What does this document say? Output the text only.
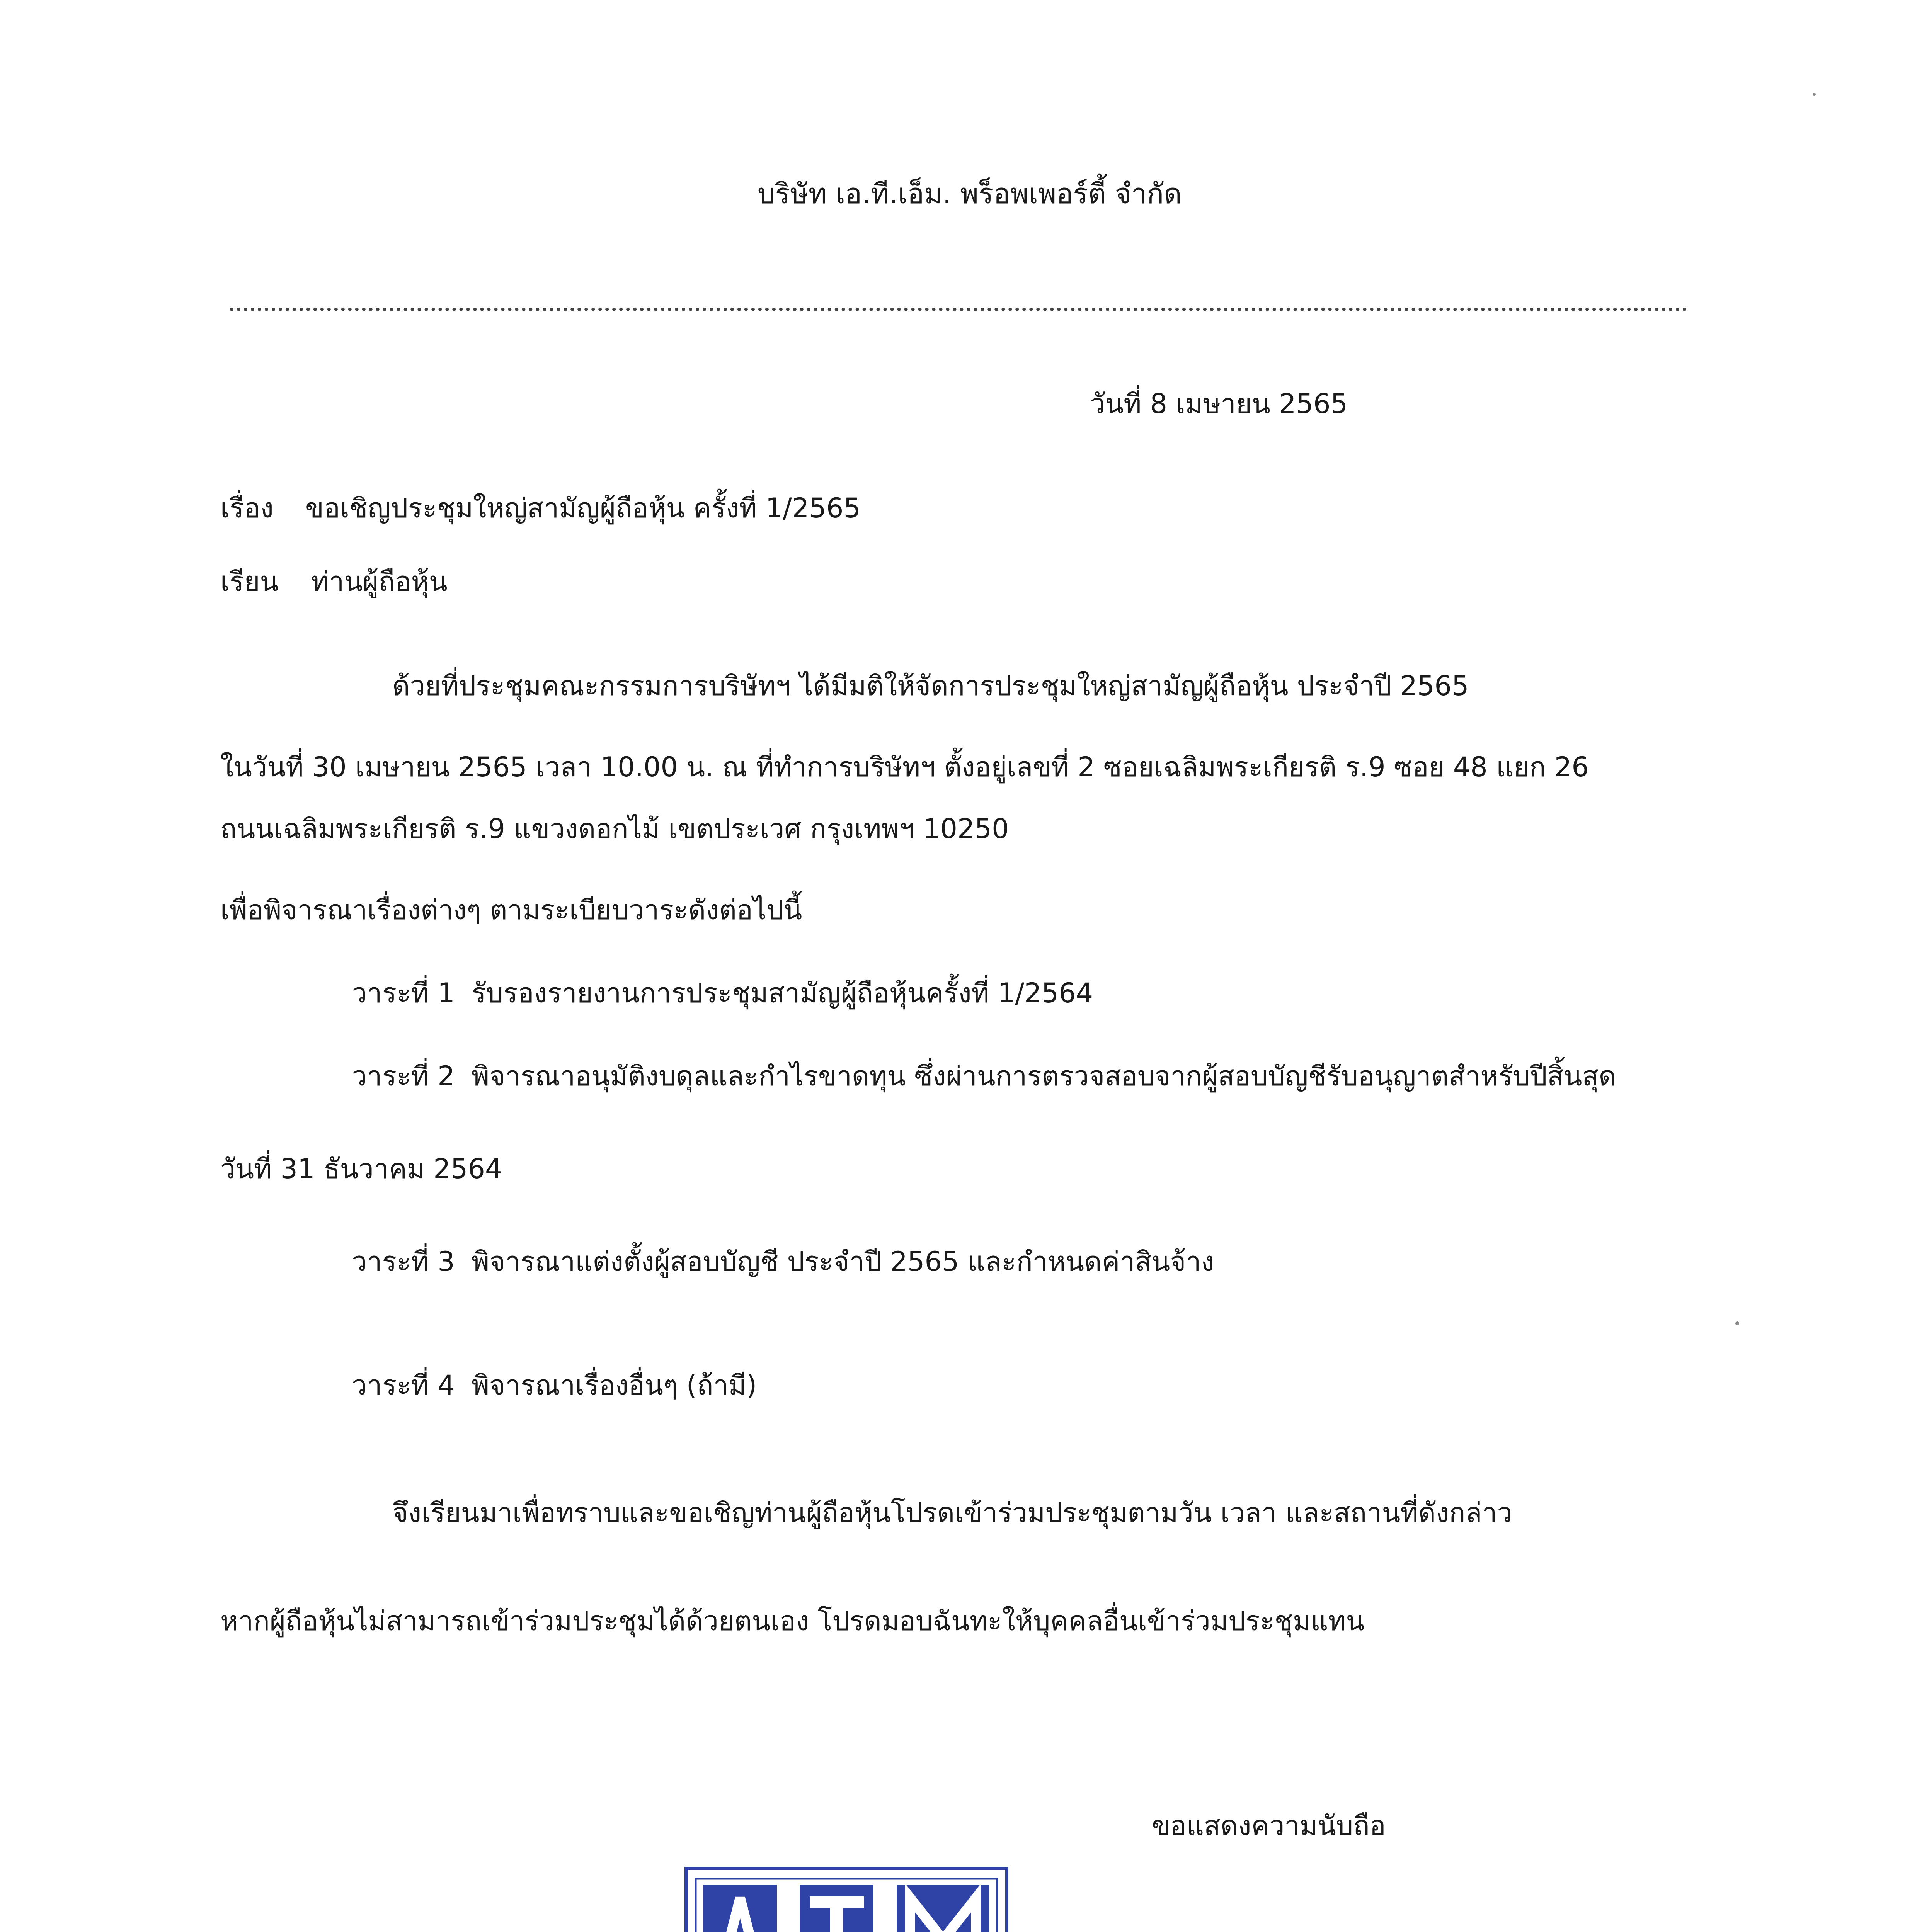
บริษัท เอ.ที.เอ็ม. พร็อพเพอร์ตี้ จำกัด
วันที่ 8 เมษายน 2565
เรื่อง ขอเชิญประชุมใหญ่สามัญผู้ถือหุ้น ครั้งที่ 1/2565
เรียน ท่านผู้ถือหุ้น
ด้วยที่ประชุมคณะกรรมการบริษัทฯ ได้มีมติให้จัดการประชุมใหญ่สามัญผู้ถือหุ้น ประจำปี 2565
ในวันที่ 30 เมษายน 2565 เวลา 10.00 น. ณ ที่ทำการบริษัทฯ ตั้งอยู่เลขที่ 2 ซอยเฉลิมพระเกียรติ ร.9 ซอย 48 แยก 26
ถนนเฉลิมพระเกียรติ ร.9 แขวงดอกไม้ เขตประเวศ กรุงเทพฯ 10250
เพื่อพิจารณาเรื่องต่างๆ ตามระเบียบวาระดังต่อไปนี้
วาระที่ 1 รับรองรายงานการประชุมสามัญผู้ถือหุ้นครั้งที่ 1/2564
วาระที่ 2 พิจารณาอนุมัติงบดุลและกำไรขาดทุน ซึ่งผ่านการตรวจสอบจากผู้สอบบัญชีรับอนุญาตสำหรับปีสิ้นสุด
วันที่ 31 ธันวาคม 2564
วาระที่ 3 พิจารณาแต่งตั้งผู้สอบบัญชี ประจำปี 2565 และกำหนดค่าสินจ้าง
วาระที่ 4 พิจารณาเรื่องอื่นๆ (ถ้ามี)
จึงเรียนมาเพื่อทราบและขอเชิญท่านผู้ถือหุ้นโปรดเข้าร่วมประชุมตามวัน เวลา และสถานที่ดังกล่าว
หากผู้ถือหุ้นไม่สามารถเข้าร่วมประชุมได้ด้วยตนเอง โปรดมอบฉันทะให้บุคคลอื่นเข้าร่วมประชุมแทน
ขอแสดงความนับถือ
